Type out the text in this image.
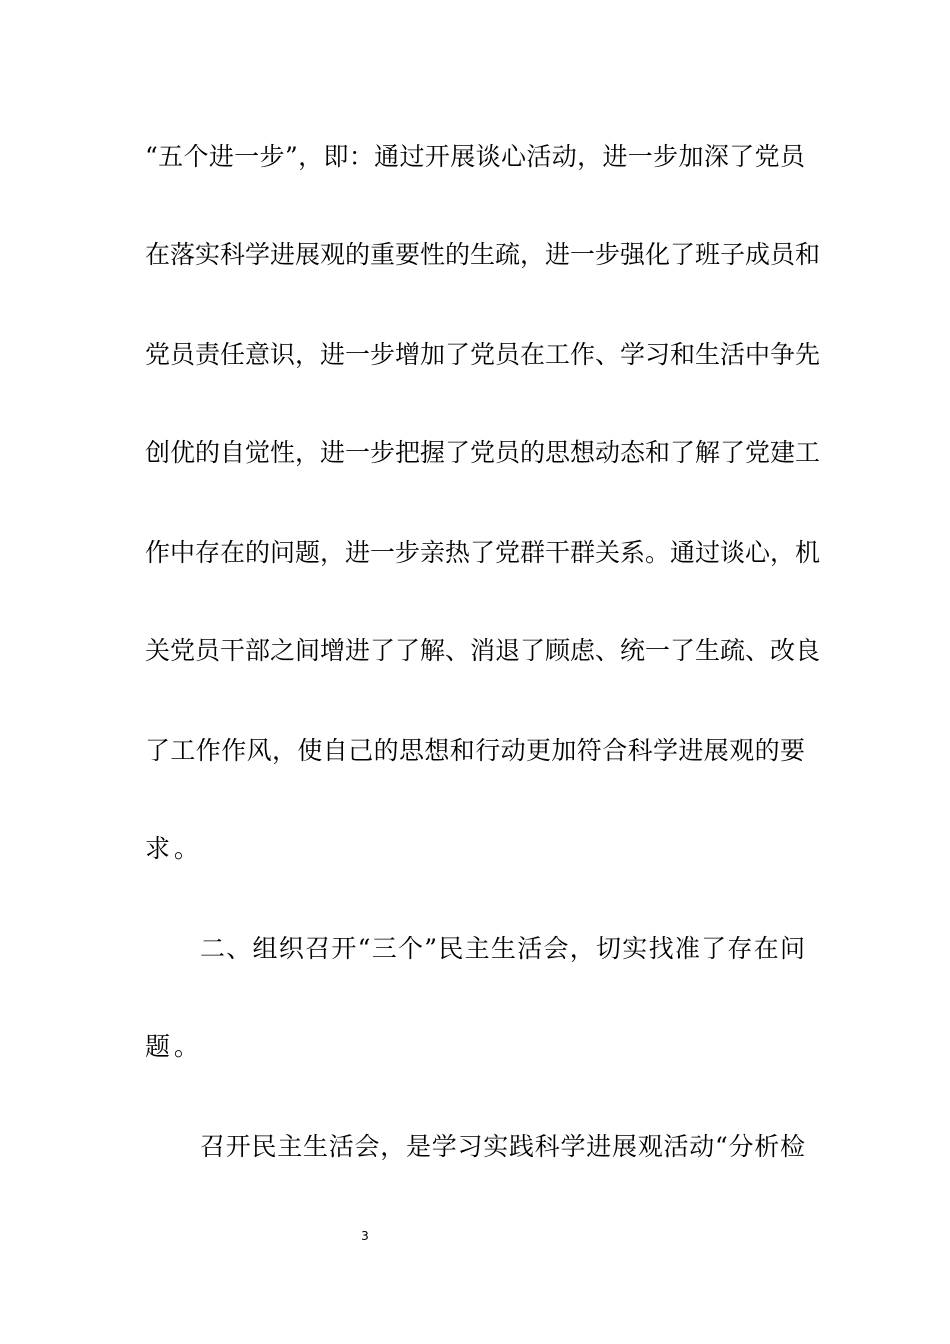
“五个进一步”，即：通过开展谈心活动，进一步加深了党员
在落实科学进展观的重要性的生疏，进一步强化了班子成员和
党员责任意识，进一步增加了党员在工作、学习和生活中争先
创优的自觉性，进一步把握了党员的思想动态和了解了党建工
作中存在的问题，进一步亲热了党群干群关系。通过谈心，机
关党员干部之间增进了了解、消退了顾虑、统一了生疏、改良
了工作作风，使自己的思想和行动更加符合科学进展观的要
求。
二、组织召开“三个”民主生活会，切实找准了存在问
题。
召开民主生活会，是学习实践科学进展观活动“分析检
3
